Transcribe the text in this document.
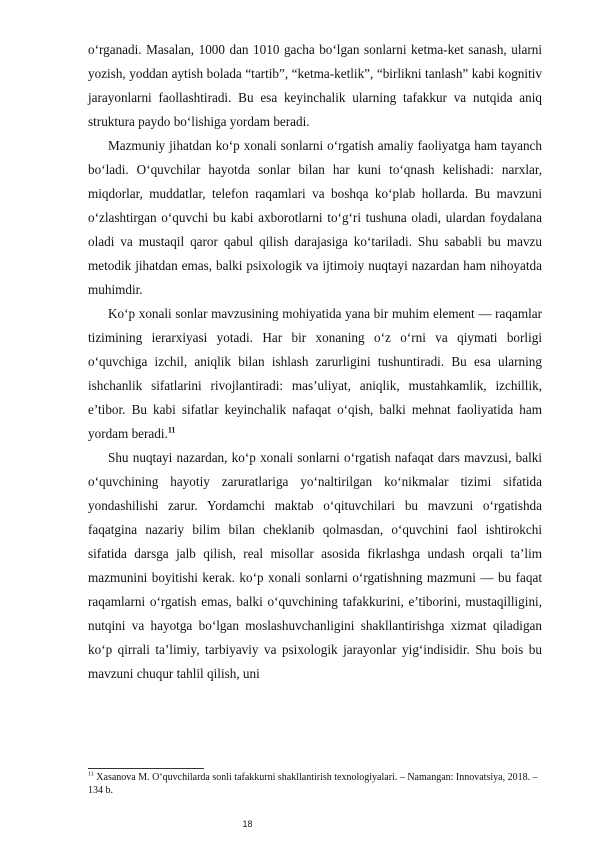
o‘rganadi. Masalan, 1000 dan 1010 gacha bo‘lgan sonlarni ketma-ket sanash, ularni yozish, yoddan aytish bolada “tartib”, “ketma-ketlik”, “birlikni tanlash” kabi kognitiv jarayonlarni faollashtiradi. Bu esa keyinchalik ularning tafakkur va nutqida aniq struktura paydo bo‘lishiga yordam beradi.

Mazmuniy jihatdan ko‘p xonali sonlarni o‘rgatish amaliy faoliyatga ham tayanch bo‘ladi. O‘quvchilar hayotda sonlar bilan har kuni to‘qnash kelishadi: narxlar, miqdorlar, muddatlar, telefon raqamlari va boshqa ko‘plab hollarda. Bu mavzuni o‘zlashtirgan o‘quvchi bu kabi axborotlarni to‘g‘ri tushuna oladi, ulardan foydalana oladi va mustaqil qaror qabul qilish darajasiga ko‘tariladi. Shu sababli bu mavzu metodik jihatdan emas, balki psixologik va ijtimoiy nuqtayi nazardan ham nihoyatda muhimdir.

Ko‘p xonali sonlar mavzusining mohiyatida yana bir muhim element — raqamlar tizimining ierarxiyasi yotadi. Har bir xonaning o‘z o‘rni va qiymati borligi o‘quvchiga izchil, aniqlik bilan ishlash zarurligini tushuntiradi. Bu esa ularning ishchanlik sifatlarini rivojlantiradi: mas’uliyat, aniqlik, mustahkamlik, izchillik, e’tibor. Bu kabi sifatlar keyinchalik nafaqat o‘qish, balki mehnat faoliyatida ham yordam beradi.$^{11}$

Shu nuqtayi nazardan, ko‘p xonali sonlarni o‘rgatish nafaqat dars mavzusi, balki o‘quvchining hayotiy zaruratlariga yo‘naltirilgan ko‘nikmalar tizimi sifatida yondashilishi zarur. Yordamchi maktab o‘qituvchilari bu mavzuni o‘rgatishda faqatgina nazariy bilim bilan cheklanib qolmasdan, o‘quvchini faol ishtirokchi sifatida darsga jalb qilish, real misollar asosida fikrlashga undash orqali ta’lim mazmunini boyitishi kerak. ko‘p xonali sonlarni o‘rgatishning mazmuni — bu faqat raqamlarni o‘rgatish emas, balki o‘quvchining tafakkurini, e’tiborini, mustaqilligini, nutqini va hayotga bo‘lgan moslashuvchanligini shakllantirishga xizmat qiladigan ko‘p qirrali ta’limiy, tarbiyaviy va psixologik jarayonlar yig‘indisidir. Shu bois bu mavzuni chuqur tahlil qilish, uni

$^{11}$ Xasanova M. O‘quvchilarda sonli tafakkurni shakllantirish texnologiyalari. – Namangan: Innovatsiya, 2018. – 134 b.
18
